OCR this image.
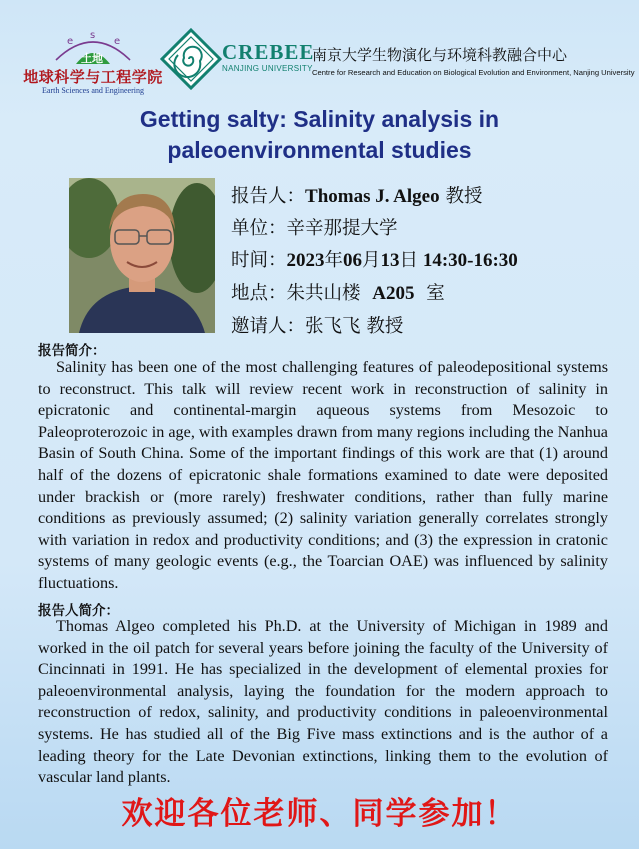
e
s
e
土地
地球科学与工程学院
Earth Sciences and Engineering
CREBEE
NANJING UNIVERSITY
南京大学生物演化与环境科教融合中心
Centre for Research and Education on Biological Evolution and Environment, Nanjing University
Getting salty: Salinity analysis in
paleoenvironmental studies
报告人：Thomas J. Algeo 教授
单位：辛辛那提大学
时间：2023年06月13日 14:30-16:30
地点：朱共山楼 A205 室
邀请人：张飞飞 教授
报告简介：
Salinity has been one of the most challenging features of paleodepositional systems to reconstruct. This talk will review recent work in reconstruction of salinity in epicratonic and continental-margin aqueous systems from Mesozoic to Paleoproterozoic in age, with examples drawn from many regions including the Nanhua Basin of South China. Some of the important findings of this work are that (1) around half of the dozens of epicratonic shale formations examined to date were deposited under brackish or (more rarely) freshwater conditions, rather than fully marine conditions as previously assumed; (2) salinity variation generally correlates strongly with variation in redox and productivity conditions; and (3) the expression in cratonic systems of many geologic events (e.g., the Toarcian OAE) was influenced by salinity fluctuations.
报告人简介：
Thomas Algeo completed his Ph.D. at the University of Michigan in 1989 and worked in the oil patch for several years before joining the faculty of the University of Cincinnati in 1991. He has specialized in the development of elemental proxies for paleoenvironmental analysis, laying the foundation for the modern approach to reconstruction of redox, salinity, and productivity conditions in paleoenvironmental systems. He has studied all of the Big Five mass extinctions and is the author of a leading theory for the Late Devonian extinctions, linking them to the evolution of vascular land plants.
欢迎各位老师、同学参加！
